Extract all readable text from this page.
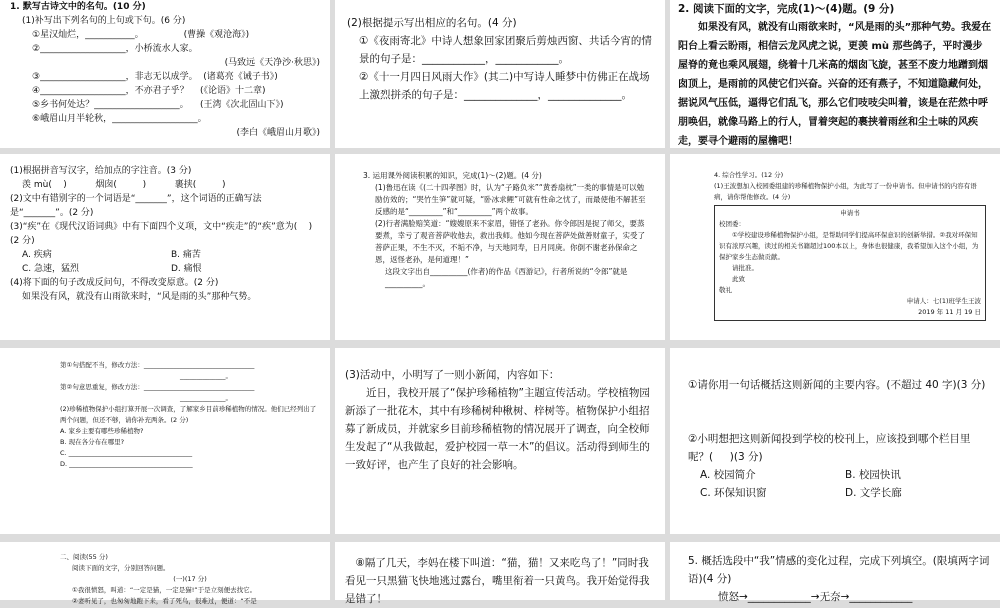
1. 默写古诗文中的名句。(10 分)

(1)补写出下列名句的上句或下句。(6 分)

①星汉灿烂，___________。              (曹操《观沧海》)

②___________________，小桥流水人家。

(马致远《天净沙·秋思》)

③___________________，非志无以成学。  (诸葛亮《诫子书》)

④___________________，不亦君子乎？    (《论语》十二章)

⑤乡书何处达？___________________。    (王湾《次北固山下》)

⑥峨眉山月半轮秋，___________________。

(李白《峨眉山月歌》)

(2)根据提示写出相应的名句。(4 分)

①《夜雨寄北》中诗人想象回家团聚后剪烛西窗、共话今宵的情景的句子是：____________，____________。

②《十一月四日风雨大作》(其二)中写诗人睡梦中仿佛正在战场上激烈拼杀的句子是：______________，______________。

2. 阅读下面的文字，完成(1)～(4)题。(9 分)

如果没有风，就没有山雨欲来时，“风是雨的头”那种气势。我爱在阳台上看云盼雨，相信云龙风虎之说，更羡 mù 那些鸽子，平时漫步屋脊的竟也乘风展翅，绕着十几米高的烟囱飞旋，甚至不废力地蹭到烟囱顶上，是雨前的风使它们兴奋。兴奋的还有燕子，不知道隐藏何处，据说风气压低，逼得它们乱飞，那么它们吱吱尖叫着，该是在茫然中呼朋唤侣，就像马路上的行人，冒着突起的裹挟着雨丝和尘土味的风疾走，要寻个避雨的屋檐吧！

(1)根据拼音写汉字，给加点的字注音。(3 分)

羡 mù(    )          烟囱(         )          裹挟(         )

(2)文中有错别字的一个词语是“_______”，这个词语的正确写法是“_______”。(2 分)

(3)“疾”在《现代汉语词典》中有下面四个义项，文中“疾走”的“疾”意为(    )(2 分)

A. 疾病	B. 痛苦
C. 急速，猛烈	D. 痛恨

(4)将下面的句子改成反问句，不得改变原意。(2 分)

如果没有风，就没有山雨欲来时，“风是雨的头”那种气势。

3. 运用课外阅读积累的知识，完成(1)～(2)题。(4 分)

(1)鲁迅在读《(二十四孝图》时，认为“子路负米”“黄香扇枕”一类的事情是可以勉励仿效的；“哭竹生笋”就可疑，“卧冰求鲤”可就有性命之忧了，而最使他不解甚至反感的是“_________”和“_________”两个故事。

(2)行者满脸赔笑道：“嫂嫂原来不家眉，错怪了老孙。你令郎因是捉了师父，要蒸要煮，幸亏了观音菩萨收他去，救出我师。他如今现在菩萨处做善财童子，实受了菩萨正果，不生不灭，不垢不净，与天地同寿，日月同庚。你倒不谢老孙保命之恩，返怪老孙，是何道理！”

这段文字出自__________(作者)的作品《西游记》，行者所说的“令郎”就是__________。

4. 综合性学习。(12 分)

(1)王波想加入校园委组建的珍稀植物保护小组，为此写了一份申请书。但申请书的内容有语病，请你帮他修改。(4 分)

申请书

校团委：

①学校建设珍稀植物保护小组，是帮助同学们提高环保意识的创新举措。②我对环保知识有浓厚兴趣，读过的相关书籍超过100本以上，身体也很健康，我希望加入这个小组，为保护家乡生态做贡献。

请批准。

此致

敬礼

申请人：七(1)班学生王波

2019 年 11 月 19 日

第①句搭配不当，修改方法：__________________________________

______________。

第②句意思重复，修改方法：__________________________________

______________。

(2)珍稀植物保护小组打算开展一次调查，了解家乡目前珍稀植物的情况。他们已经列出了两个问题，但还不够，请你补充两条。(2 分)

A. 家乡主要有哪些珍稀植物?

B. 现在各分布在哪里?

C. ______________________________________

D. ______________________________________

(3)活动中，小明写了一则小新闻，内容如下：

近日，我校开展了“保护珍稀植物”主题宣传活动。学校植物园新添了一批花木，其中有珍稀树种楸树、梓树等。植物保护小组招募了新成员，并就家乡目前珍稀植物的情况展开了调查，向全校师生发起了“从我做起，爱护校园一草一木”的倡议。活动得到师生的一致好评，也产生了良好的社会影响。

①请你用一句话概括这则新闻的主要内容。(不超过 40 字)(3 分)

②小明想把这则新闻投到学校的校刊上，应该投到哪个栏目里呢？(     )(3 分)

A. 校园简介	B. 校园快讯
C. 环保知识窗	D. 文学长廊

二、阅读(55 分)

阅读下面的文字，分别回答问题。

(一)(17 分)

①我很愤怒，叫道：“一定是猫，一定是猫!”于是立刻便去找它。

②妻听见了，也匆匆地跑下来，看了死鸟，很难过，便道：“不是

⑧隔了几天，李妈在楼下叫道：“猫，猫！又来吃鸟了！”同时我看见一只黑猫飞快地逃过露台，嘴里衔着一只黄鸟。我开始觉得我是错了！

5. 概括选段中“我”情感的变化过程，完成下列填空。(限填两字词语)(4 分)

愤怒→____________→无奈→____________
